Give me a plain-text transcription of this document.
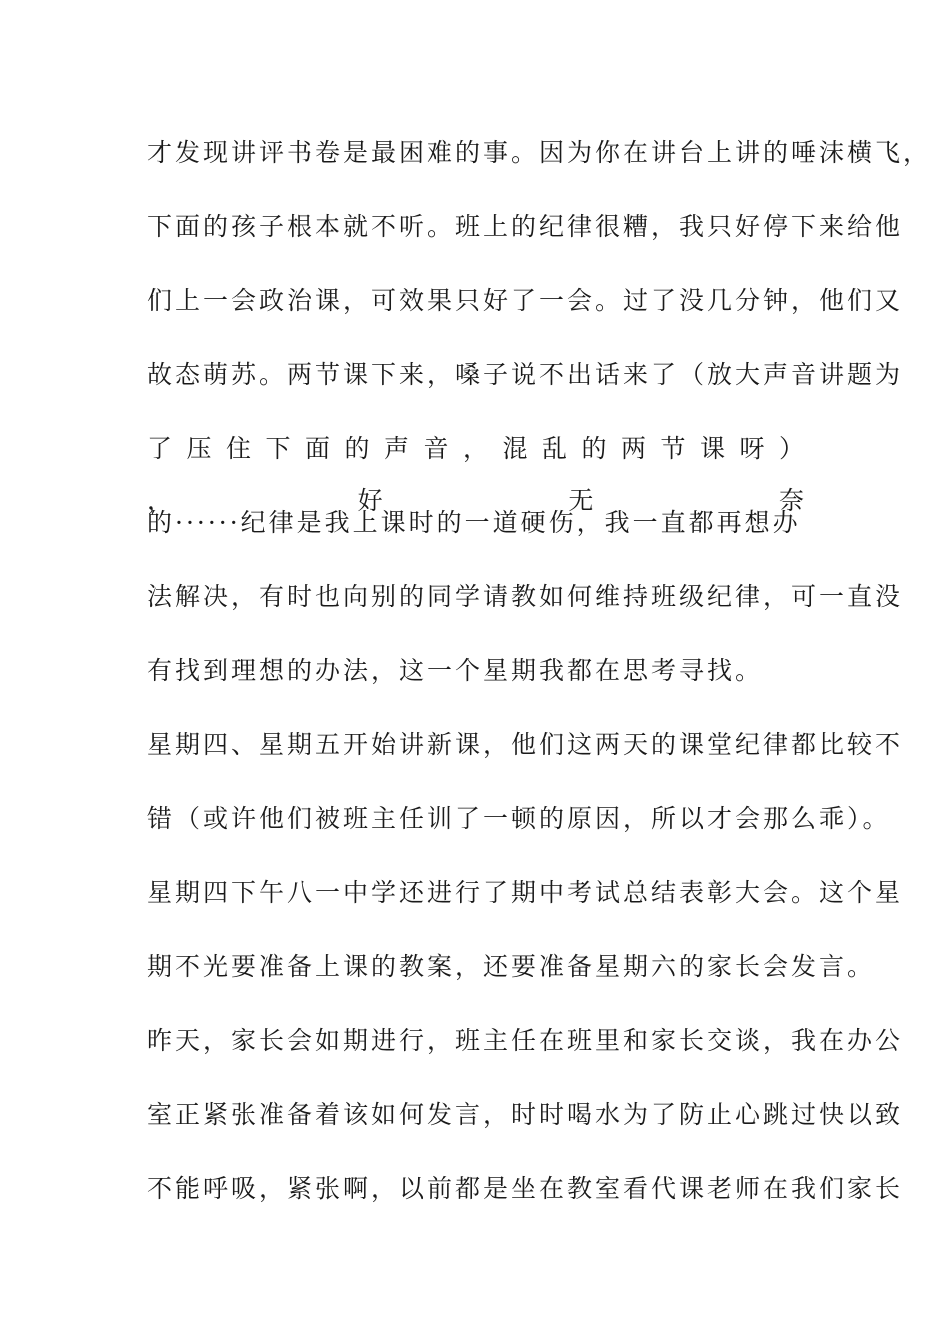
才发现讲评书卷是最困难的事。因为你在讲台上讲的唾沫横飞，
下面的孩子根本就不听。班上的纪律很糟，我只好停下来给他
们上一会政治课，可效果只好了一会。过了没几分钟，他们又
故态萌苏。两节课下来，嗓子说不出话来了（放大声音讲题为
了 压 住 下 面 的 声 音 ， 混 乱 的 两 节 课 呀 ） ， 好 无 奈
的······纪律是我上课时的一道硬伤，我一直都再想办
法解决，有时也向别的同学请教如何维持班级纪律，可一直没
有找到理想的办法，这一个星期我都在思考寻找。
星期四、星期五开始讲新课，他们这两天的课堂纪律都比较不
错（或许他们被班主任训了一顿的原因，所以才会那么乖）。
星期四下午八一中学还进行了期中考试总结表彰大会。这个星
期不光要准备上课的教案，还要准备星期六的家长会发言。
昨天，家长会如期进行，班主任在班里和家长交谈，我在办公
室正紧张准备着该如何发言，时时喝水为了防止心跳过快以致
不能呼吸，紧张啊，以前都是坐在教室看代课老师在我们家长
